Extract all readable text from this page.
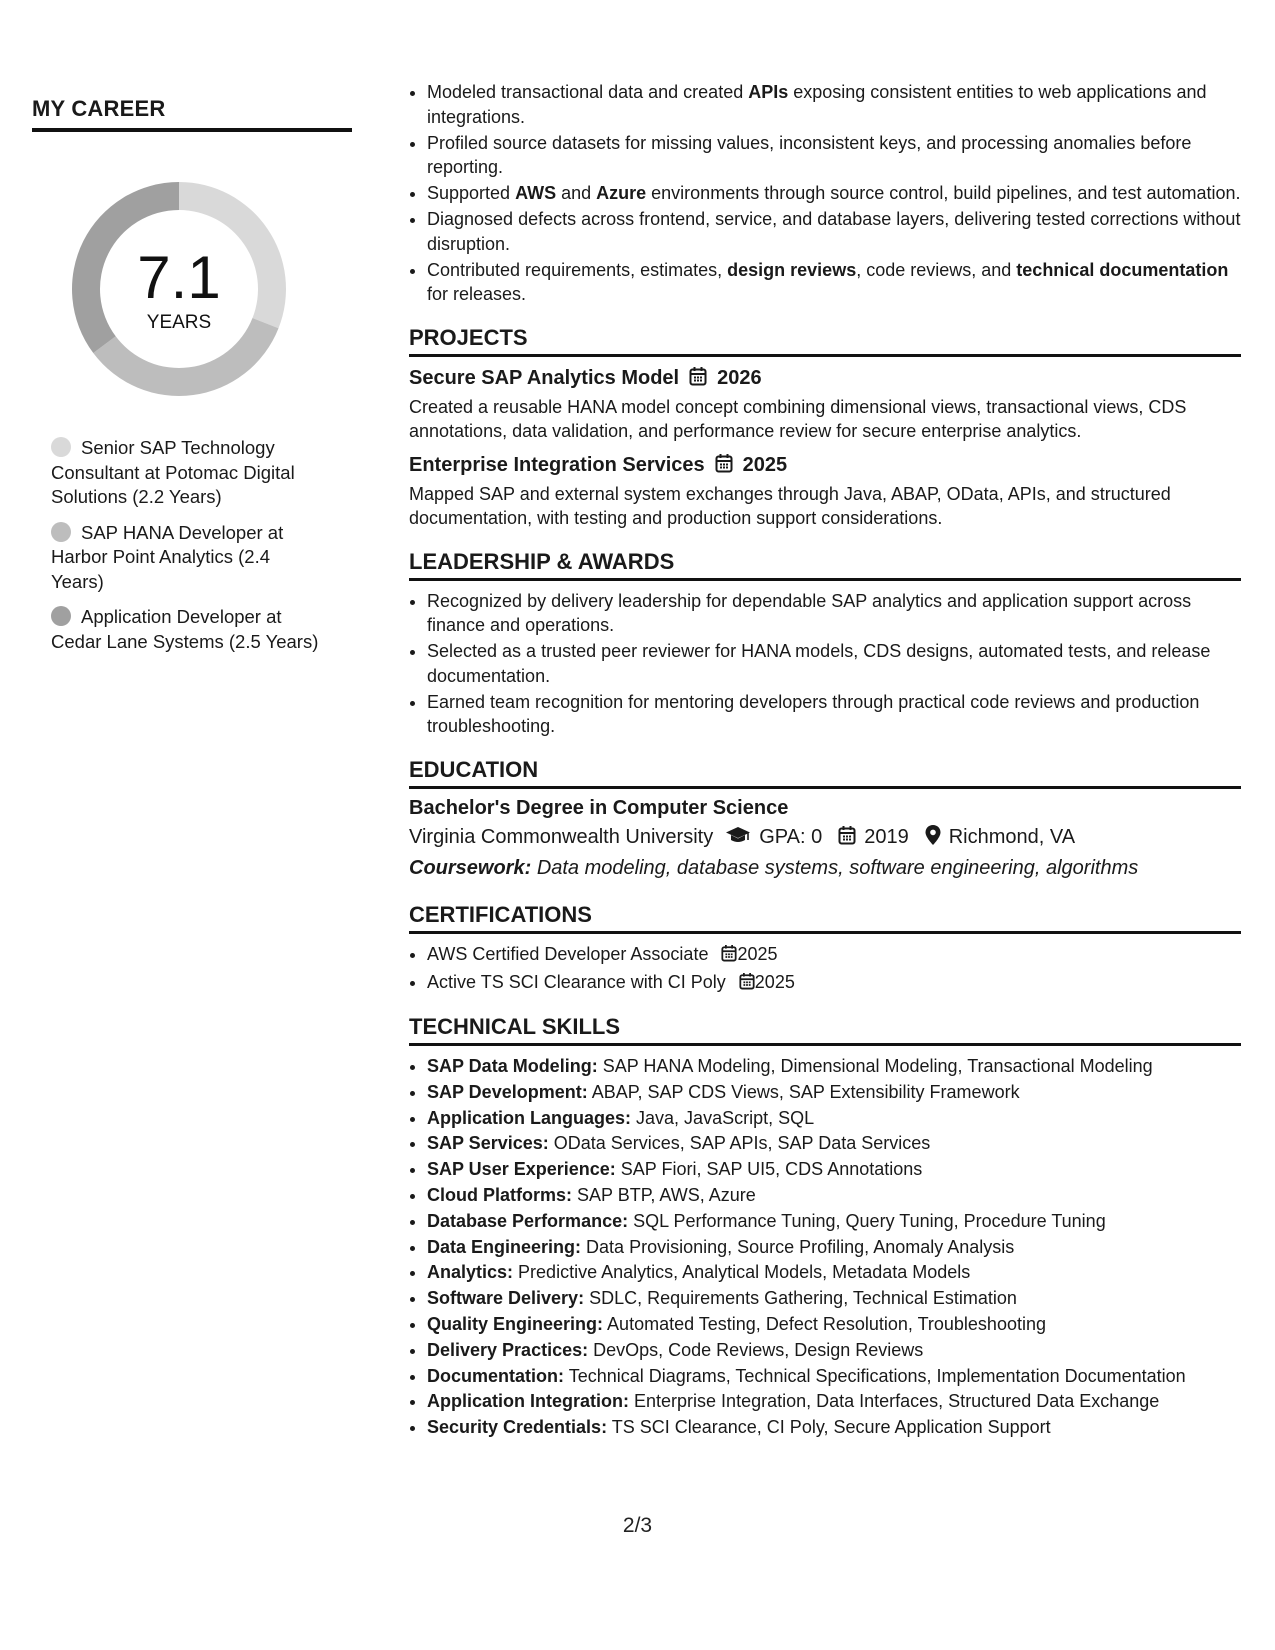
MY CAREER
7.1
YEARS
Senior SAP Technology Consultant at Potomac Digital Solutions (2.2 Years)
SAP HANA Developer at Harbor Point Analytics (2.4 Years)
Application Developer at Cedar Lane Systems (2.5 Years)
• Modeled transactional data and created APIs exposing consistent entities to web applications and integrations.
• Profiled source datasets for missing values, inconsistent keys, and processing anomalies before reporting.
• Supported AWS and Azure environments through source control, build pipelines, and test automation.
• Diagnosed defects across frontend, service, and database layers, delivering tested corrections without disruption.
• Contributed requirements, estimates, design reviews, code reviews, and technical documentation for releases.
PROJECTS
Secure SAP Analytics Model 2026
Created a reusable HANA model concept combining dimensional views, transactional views, CDS annotations, data validation, and performance review for secure enterprise analytics.
Enterprise Integration Services 2025
Mapped SAP and external system exchanges through Java, ABAP, OData, APIs, and structured documentation, with testing and production support considerations.
LEADERSHIP & AWARDS
• Recognized by delivery leadership for dependable SAP analytics and application support across finance and operations.
• Selected as a trusted peer reviewer for HANA models, CDS designs, automated tests, and release documentation.
• Earned team recognition for mentoring developers through practical code reviews and production troubleshooting.
EDUCATION
Bachelor's Degree in Computer Science
Virginia Commonwealth University GPA: 0 2019 Richmond, VA
Coursework: Data modeling, database systems, software engineering, algorithms
CERTIFICATIONS
• AWS Certified Developer Associate 2025
• Active TS SCI Clearance with CI Poly 2025
TECHNICAL SKILLS
• SAP Data Modeling: SAP HANA Modeling, Dimensional Modeling, Transactional Modeling
• SAP Development: ABAP, SAP CDS Views, SAP Extensibility Framework
• Application Languages: Java, JavaScript, SQL
• SAP Services: OData Services, SAP APIs, SAP Data Services
• SAP User Experience: SAP Fiori, SAP UI5, CDS Annotations
• Cloud Platforms: SAP BTP, AWS, Azure
• Database Performance: SQL Performance Tuning, Query Tuning, Procedure Tuning
• Data Engineering: Data Provisioning, Source Profiling, Anomaly Analysis
• Analytics: Predictive Analytics, Analytical Models, Metadata Models
• Software Delivery: SDLC, Requirements Gathering, Technical Estimation
• Quality Engineering: Automated Testing, Defect Resolution, Troubleshooting
• Delivery Practices: DevOps, Code Reviews, Design Reviews
• Documentation: Technical Diagrams, Technical Specifications, Implementation Documentation
• Application Integration: Enterprise Integration, Data Interfaces, Structured Data Exchange
• Security Credentials: TS SCI Clearance, CI Poly, Secure Application Support
2/3
